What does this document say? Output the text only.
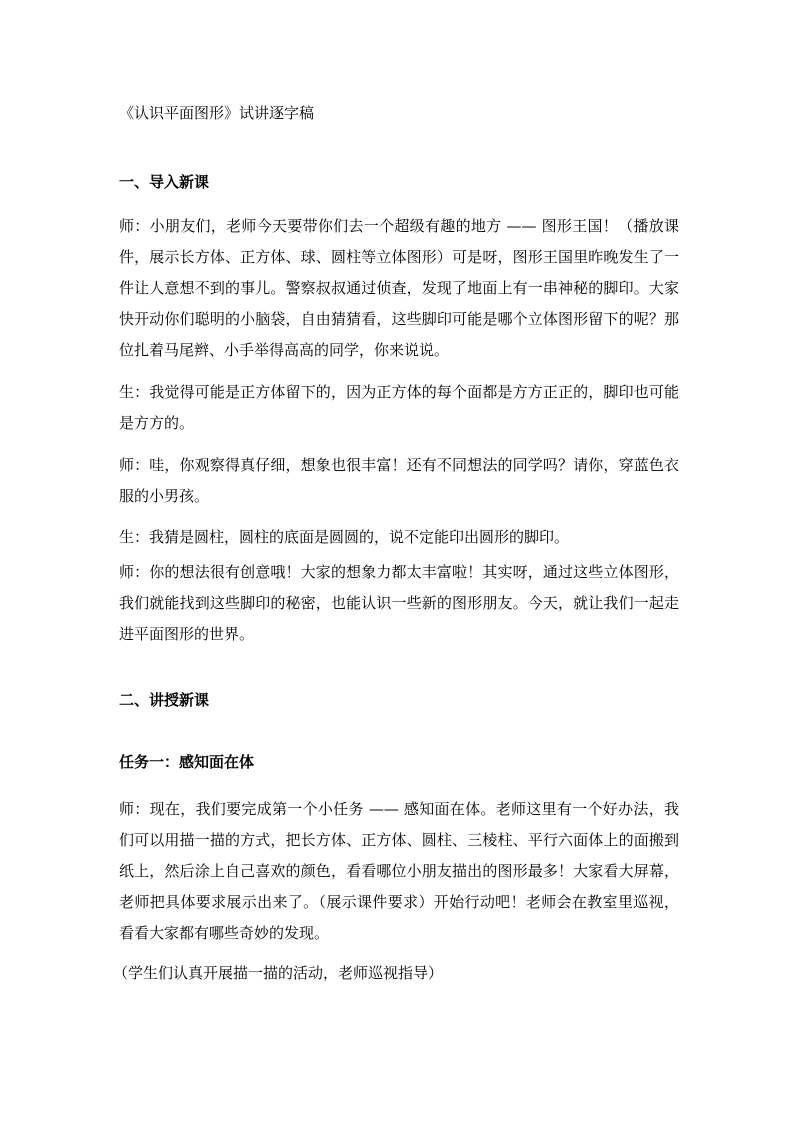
《认识平面图形》试讲逐字稿
一、导入新课
师：小朋友们，老师今天要带你们去一个超级有趣的地方 —— 图形王国！（播放课件，展示长方体、正方体、球、圆柱等立体图形）可是呀，图形王国里昨晚发生了一件让人意想不到的事儿。警察叔叔通过侦查，发现了地面上有一串神秘的脚印。大家快开动你们聪明的小脑袋，自由猜猜看，这些脚印可能是哪个立体图形留下的呢？那位扎着马尾辫、小手举得高高的同学，你来说说。
生：我觉得可能是正方体留下的，因为正方体的每个面都是方方正正的，脚印也可能是方方的。
师：哇，你观察得真仔细，想象也很丰富！还有不同想法的同学吗？请你，穿蓝色衣服的小男孩。
生：我猜是圆柱，圆柱的底面是圆圆的，说不定能印出圆形的脚印。
师：你的想法很有创意哦！大家的想象力都太丰富啦！其实呀，通过这些立体图形，我们就能找到这些脚印的秘密，也能认识一些新的图形朋友。今天，就让我们一起走进平面图形的世界。
二、讲授新课
任务一：感知面在体
师：现在，我们要完成第一个小任务 —— 感知面在体。老师这里有一个好办法，我们可以用描一描的方式，把长方体、正方体、圆柱、三棱柱、平行六面体上的面搬到纸上，然后涂上自己喜欢的颜色，看看哪位小朋友描出的图形最多！大家看大屏幕，老师把具体要求展示出来了。（展示课件要求）开始行动吧！老师会在教室里巡视，看看大家都有哪些奇妙的发现。
（学生们认真开展描一描的活动，老师巡视指导）
